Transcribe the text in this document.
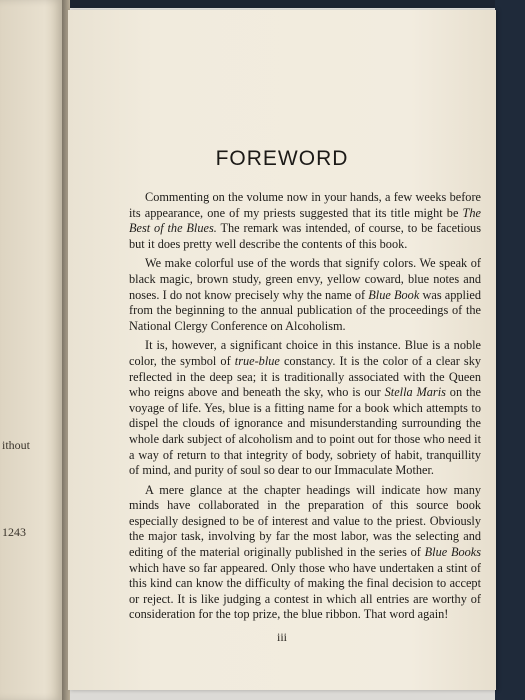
ithout
1243
FOREWORD

Commenting on the volume now in your hands, a few weeks before its appearance, one of my priests suggested that its title might be The Best of the Blues. The remark was intended, of course, to be facetious but it does pretty well describe the contents of this book.

We make colorful use of the words that signify colors. We speak of black magic, brown study, green envy, yellow coward, blue notes and noses. I do not know precisely why the name of Blue Book was applied from the beginning to the annual publication of the proceedings of the National Clergy Conference on Alcoholism.

It is, however, a significant choice in this instance. Blue is a noble color, the symbol of true-blue constancy. It is the color of a clear sky reflected in the deep sea; it is traditionally associated with the Queen who reigns above and beneath the sky, who is our Stella Maris on the voyage of life. Yes, blue is a fitting name for a book which attempts to dispel the clouds of ignorance and misunderstanding surrounding the whole dark subject of alcoholism and to point out for those who need it a way of return to that integrity of body, sobriety of habit, tranquillity of mind, and purity of soul so dear to our Immaculate Mother.

A mere glance at the chapter headings will indicate how many minds have collaborated in the preparation of this source book especially designed to be of interest and value to the priest. Obviously the major task, involving by far the most labor, was the selecting and editing of the material originally published in the series of Blue Books which have so far appeared. Only those who have undertaken a stint of this kind can know the difficulty of making the final decision to accept or reject. It is like judging a contest in which all entries are worthy of consideration for the top prize, the blue ribbon. That word again!

iii
